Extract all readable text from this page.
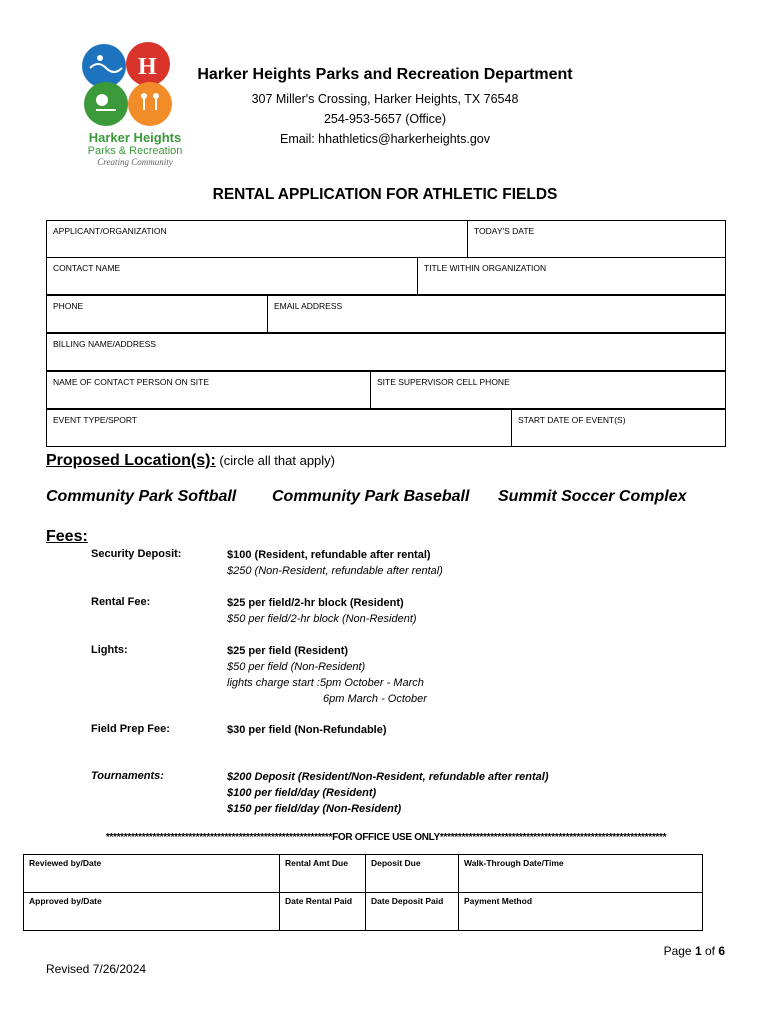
H
Harker Heights
Parks & Recreation
Creating Community
Harker Heights Parks and Recreation Department
307 Miller's Crossing, Harker Heights, TX 76548
254-953-5657 (Office)
Email: hhathletics@harkerheights.gov
RENTAL APPLICATION FOR ATHLETIC FIELDS
APPLICANT/ORGANIZATION	TODAY'S DATE
CONTACT NAME	TITLE WITHIN ORGANIZATION
PHONE	EMAIL ADDRESS
BILLING NAME/ADDRESS
NAME OF CONTACT PERSON ON SITE	SITE SUPERVISOR CELL PHONE
EVENT TYPE/SPORT	START DATE OF EVENT(S)
Proposed Location(s): (circle all that apply)
Community Park Softball Community Park Baseball Summit Soccer Complex
Fees:
Security Deposit:	$100 (Resident, refundable after rental)
$250 (Non-Resident, refundable after rental)
Rental Fee:	$25 per field/2-hr block (Resident)
$50 per field/2-hr block (Non-Resident)
Lights:	$25 per field (Resident)
$50 per field (Non-Resident)
lights charge start :5pm October - March
6pm March - October
Field Prep Fee:	$30 per field (Non-Refundable)
Tournaments:	$200 Deposit (Resident/Non-Resident, refundable after rental)
$100 per field/day (Resident)
$150 per field/day (Non-Resident)
***************************************************************FOR OFFICE USE ONLY***************************************************************
Reviewed by/Date	Rental Amt Due	Deposit Due	Walk-Through Date/Time
Approved by/Date	Date Rental Paid	Date Deposit Paid	Payment Method
Page 1 of 6
Revised 7/26/2024
